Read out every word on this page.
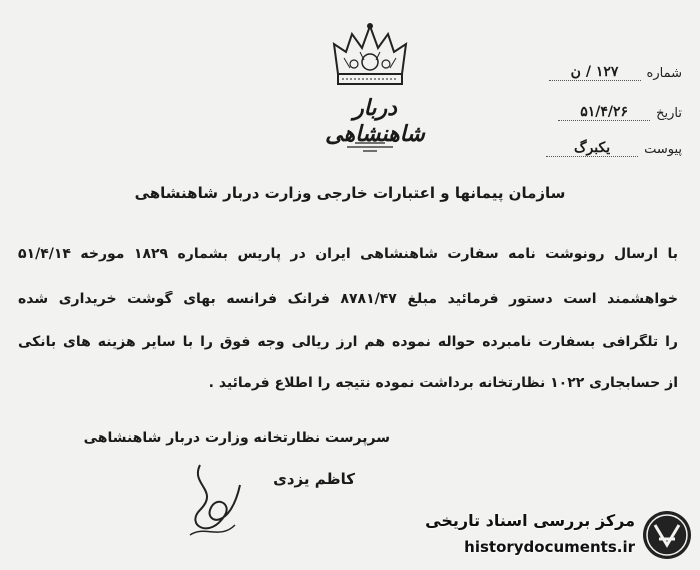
دربار شاهنشاهی
شماره
۱۲۷ / ن
تاریخ
۵۱/۴/۲۶
پیوست
یکبرگ
سازمان پیمانها و اعتبارات خارجی وزارت دربار شاهنشاهی
با ارسال رونوشت نامه سفارت شاهنشاهی ایران در پاریس بشماره ۱۸۲۹ مورخه ۵۱/۴/۱۴
خواهشمند است دستور فرمائید مبلغ ۸۷۸۱/۴۷ فرانک فرانسه بهای گوشت خریداری شده
را تلگرافی بسفارت نامبرده حواله نموده هم ارز ریالی وجه فوق را با سایر هزینه های بانکی
از حسابجاری ۱۰۲۲ نظارتخانه برداشت نموده نتیجه را اطلاع فرمائید .
سرپرست نظارتخانه وزارت دربار شاهنشاهی
کاظم یزدی
مرکز بررسی اسناد تاریخی
historydocuments.ir
